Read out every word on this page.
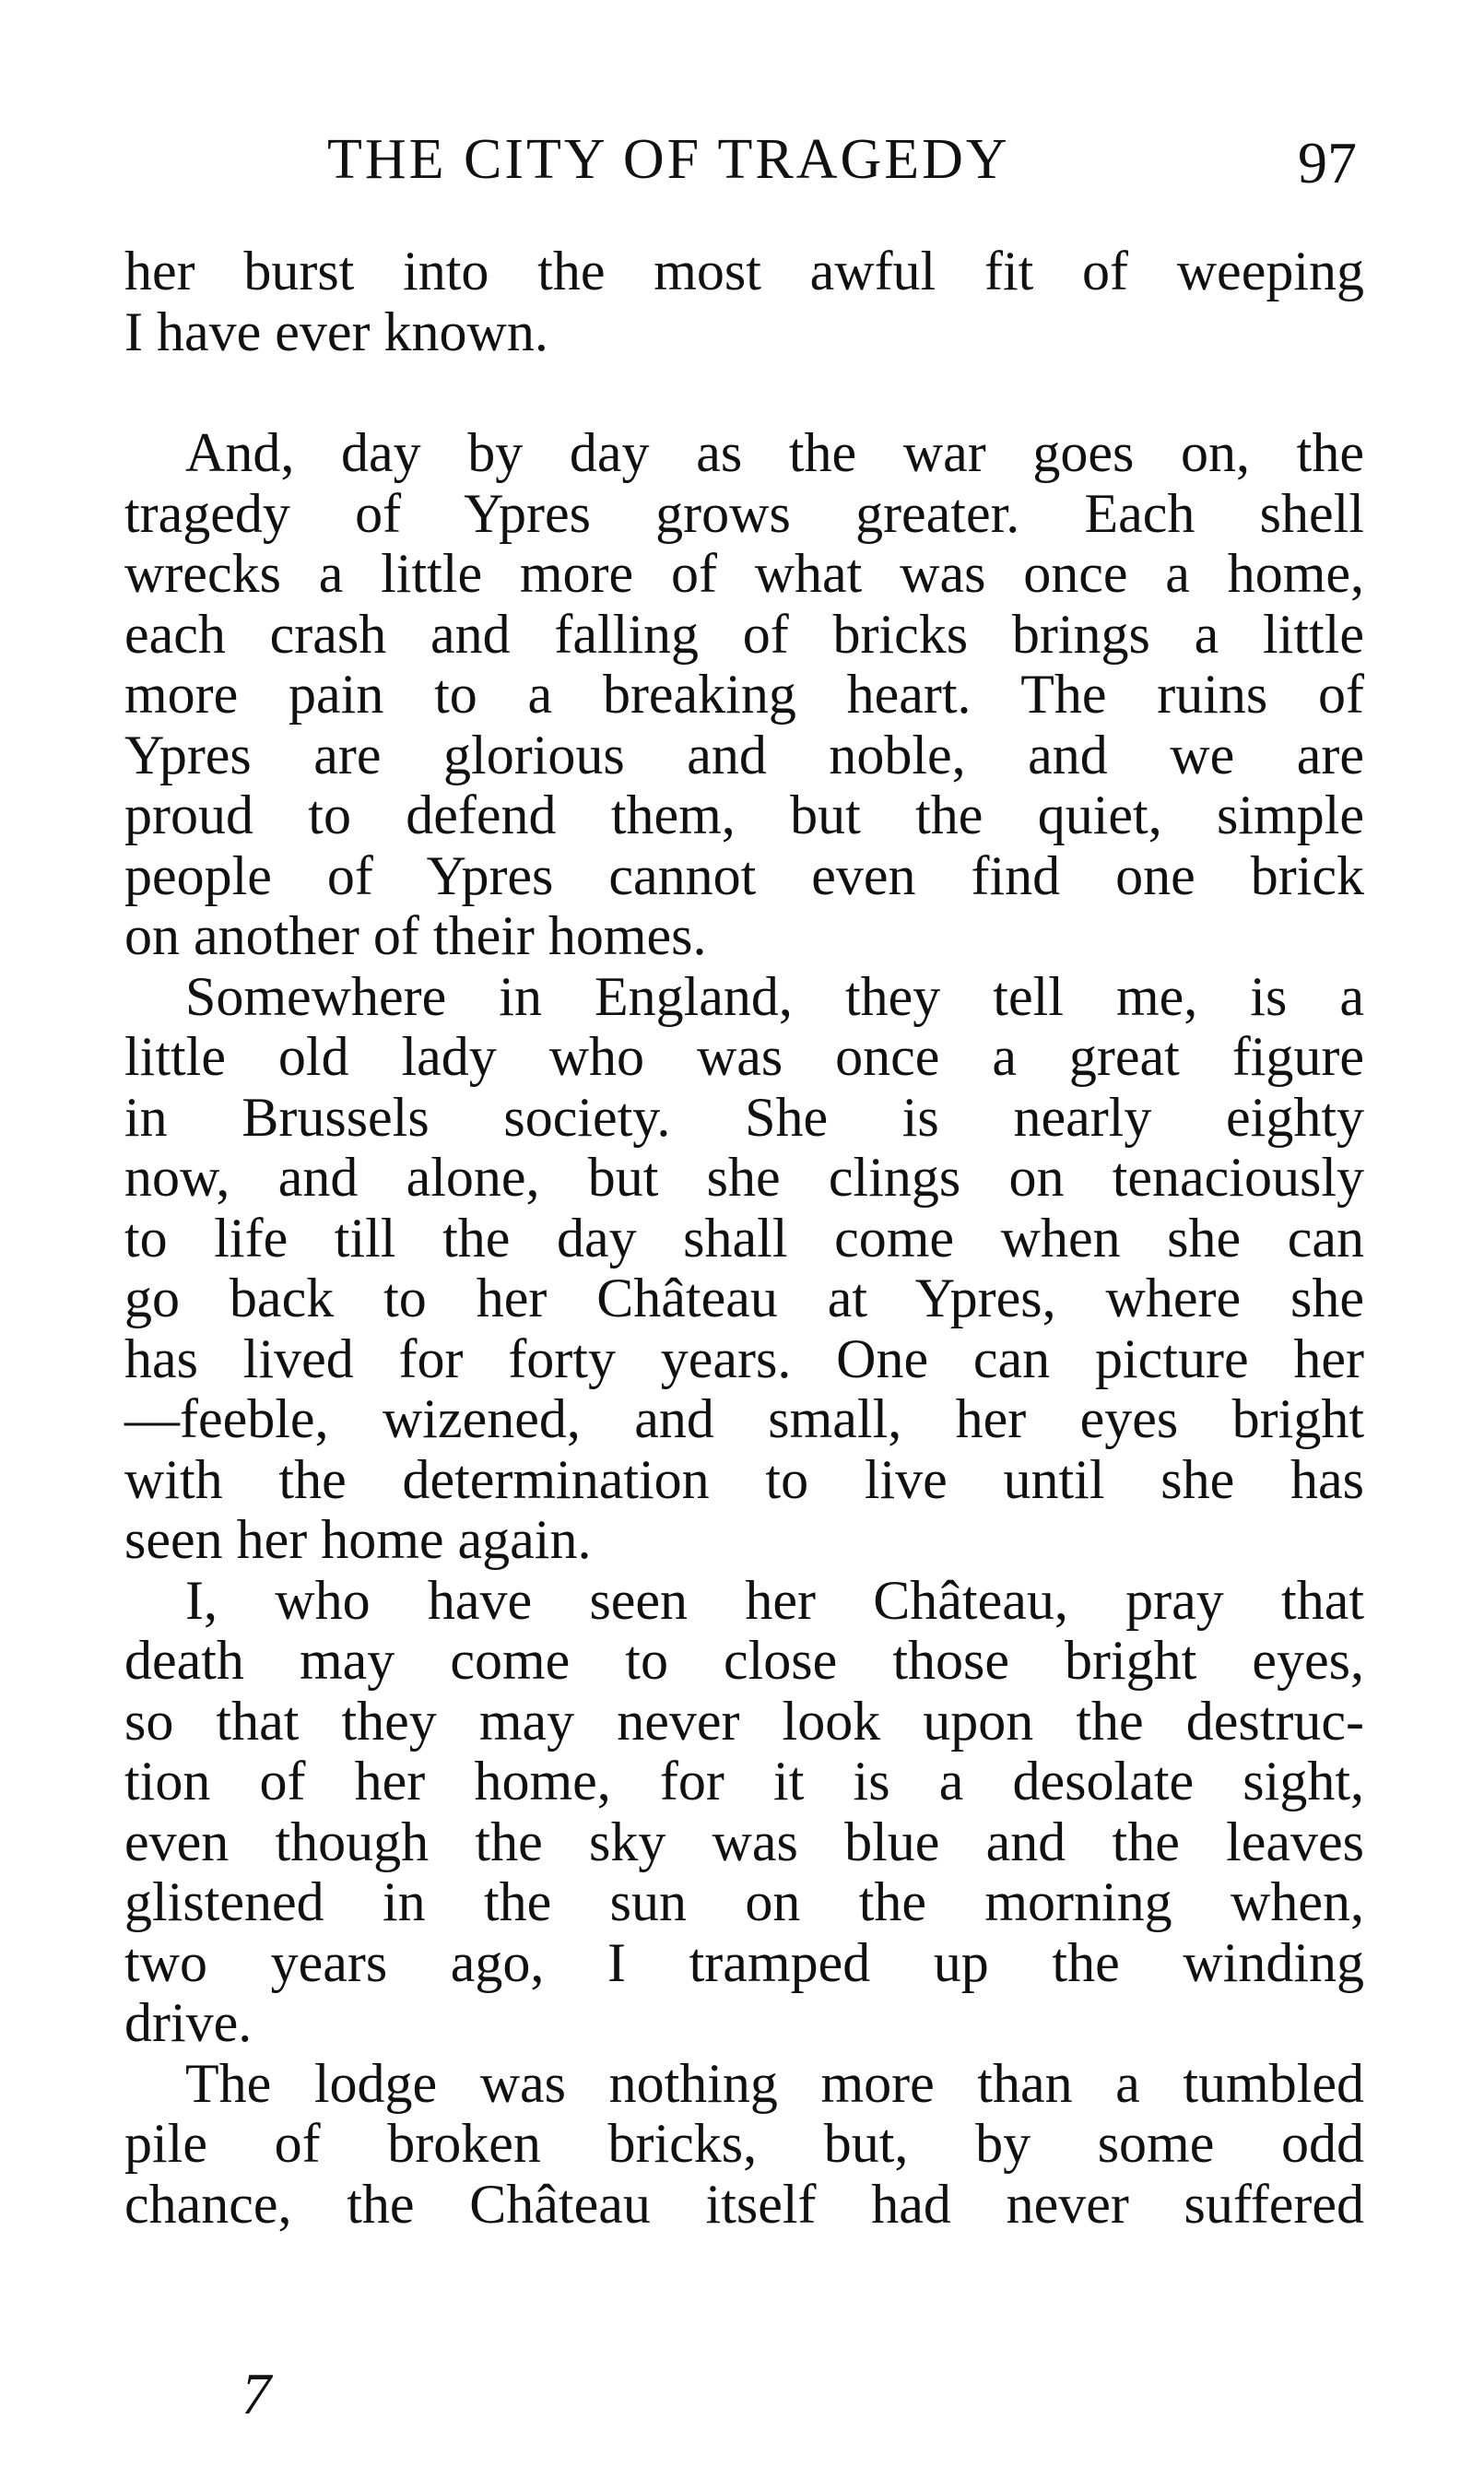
THE CITY OF TRAGEDY	97
her burst into the most awful fit of weeping
I have ever known.
And, day by day as the war goes on, the
tragedy of Ypres grows greater. Each shell
wrecks a little more of what was once a home,
each crash and falling of bricks brings a little
more pain to a breaking heart. The ruins of
Ypres are glorious and noble, and we are
proud to defend them, but the quiet, simple
people of Ypres cannot even find one brick
on another of their homes.
Somewhere in England, they tell me, is a
little old lady who was once a great figure
in Brussels society. She is nearly eighty
now, and alone, but she clings on tenaciously
to life till the day shall come when she can
go back to her Château at Ypres, where she
has lived for forty years. One can picture her
—feeble, wizened, and small, her eyes bright
with the determination to live until she has
seen her home again.
I, who have seen her Château, pray that
death may come to close those bright eyes,
so that they may never look upon the destruc-
tion of her home, for it is a desolate sight,
even though the sky was blue and the leaves
glistened in the sun on the morning when,
two years ago, I tramped up the winding
drive.
The lodge was nothing more than a tumbled
pile of broken bricks, but, by some odd
chance, the Château itself had never suffered
7
